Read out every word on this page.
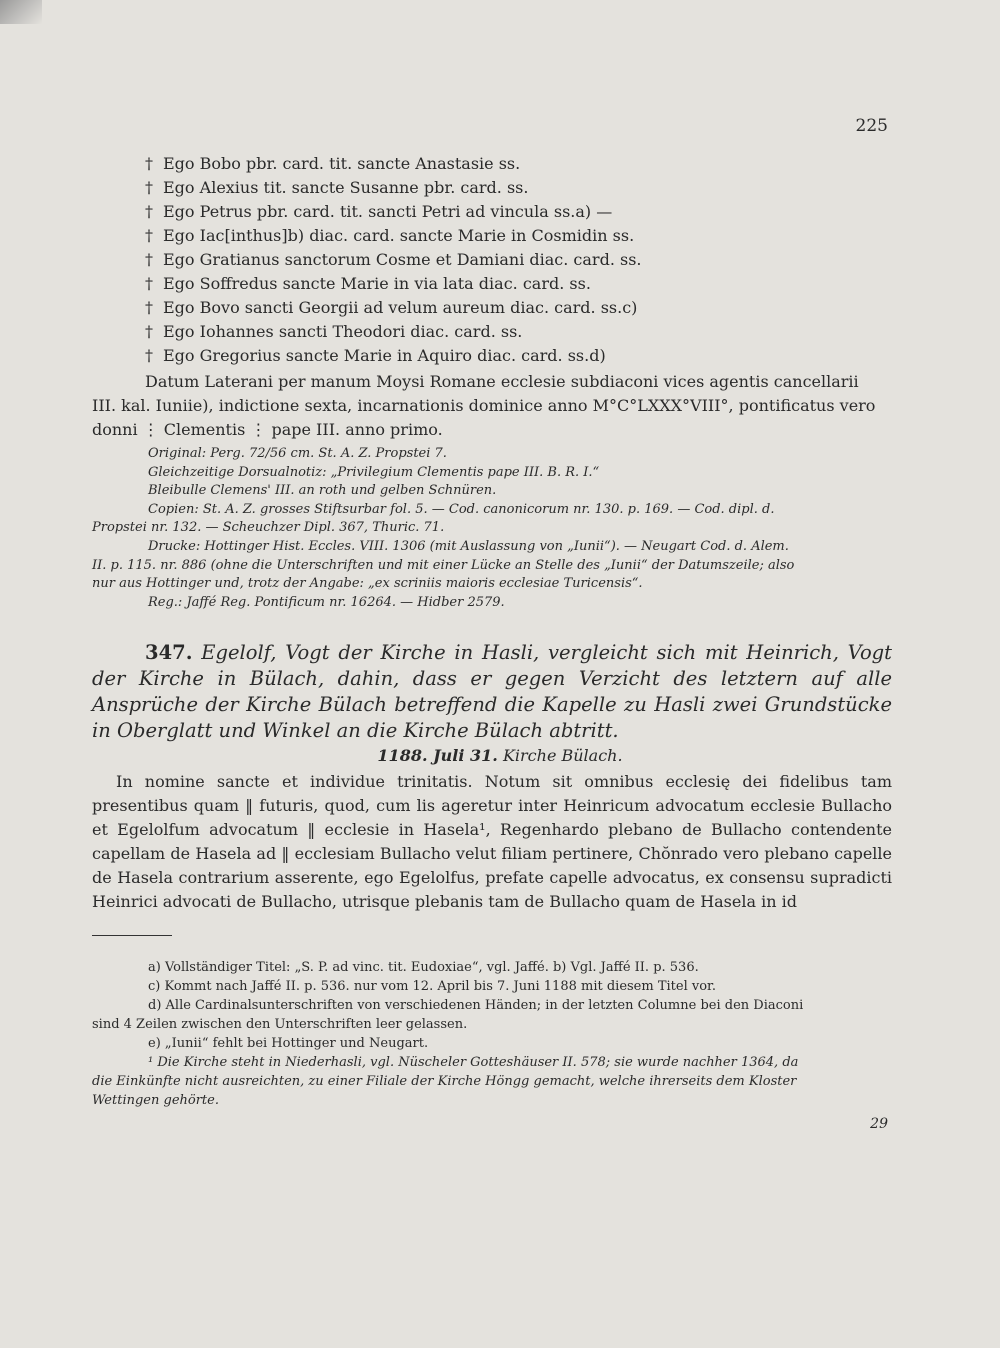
225
† Ego Bobo pbr. card. tit. sancte Anastasie ss.
† Ego Alexius tit. sancte Susanne pbr. card. ss.
† Ego Petrus pbr. card. tit. sancti Petri ad vincula ss.a) —
† Ego Iac[inthus]b) diac. card. sancte Marie in Cosmidin ss.
† Ego Gratianus sanctorum Cosme et Damiani diac. card. ss.
† Ego Soffredus sancte Marie in via lata diac. card. ss.
† Ego Bovo sancti Georgii ad velum aureum diac. card. ss.c)
† Ego Iohannes sancti Theodori diac. card. ss.
† Ego Gregorius sancte Marie in Aquiro diac. card. ss.d)

Datum Laterani per manum Moysi Romane ecclesie subdiaconi vices agentis cancellarii

III. kal. Iuniie), indictione sexta, incarnationis dominice anno M°C°LXXX°VIII°, pontificatus vero

donni ⋮ Clementis ⋮ pape III. anno primo.

Original: Perg. 72/56 cm. St. A. Z. Propstei 7.

Gleichzeitige Dorsualnotiz: „Privilegium Clementis pape III. B. R. I.“

Bleibulle Clemens' III. an roth und gelben Schnüren.

Copien: St. A. Z. grosses Stiftsurbar fol. 5. — Cod. canonicorum nr. 130. p. 169. — Cod. dipl. d.

Propstei nr. 132. — Scheuchzer Dipl. 367, Thuric. 71.

Drucke: Hottinger Hist. Eccles. VIII. 1306 (mit Auslassung von „Iunii“). — Neugart Cod. d. Alem.

II. p. 115. nr. 886 (ohne die Unterschriften und mit einer Lücke an Stelle des „Iunii“ der Datumszeile; also

nur aus Hottinger und, trotz der Angabe: „ex scriniis maioris ecclesiae Turicensis“.

Reg.: Jaffé Reg. Pontificum nr. 16264. — Hidber 2579.

347. Egelolf, Vogt der Kirche in Hasli, vergleicht sich mit Heinrich, Vogt der Kirche in Bülach, dahin, dass er gegen Verzicht des letztern auf alle Ansprüche der Kirche Bülach betreffend die Kapelle zu Hasli zwei Grundstücke in Oberglatt und Winkel an die Kirche Bülach abtritt.
1188. Juli 31. Kirche Bülach.

In nomine sancte et individue trinitatis. Notum sit omnibus ecclesię dei fidelibus tam presentibus quam ‖ futuris, quod, cum lis ageretur inter Heinricum advocatum ecclesie Bullacho et Egelolfum advocatum ‖ ecclesie in Hasela¹, Regenhardo plebano de Bullacho contendente capellam de Hasela ad ‖ ecclesiam Bullacho velut filiam pertinere, Chŏnrado vero plebano capelle de Hasela contrarium asserente, ego Egelolfus, prefate capelle advocatus, ex consensu supradicti Heinrici advocati de Bullacho, utrisque plebanis tam de Bullacho quam de Hasela in id

a) Vollständiger Titel: „S. P. ad vinc. tit. Eudoxiae“, vgl. Jaffé. b) Vgl. Jaffé II. p. 536.

c) Kommt nach Jaffé II. p. 536. nur vom 12. April bis 7. Juni 1188 mit diesem Titel vor.

d) Alle Cardinalsunterschriften von verschiedenen Händen; in der letzten Columne bei den Diaconi

sind 4 Zeilen zwischen den Unterschriften leer gelassen.

e) „Iunii“ fehlt bei Hottinger und Neugart.

¹ Die Kirche steht in Niederhasli, vgl. Nüscheler Gotteshäuser II. 578; sie wurde nachher 1364, da

die Einkünfte nicht ausreichten, zu einer Filiale der Kirche Höngg gemacht, welche ihrerseits dem Kloster

Wettingen gehörte.

29
